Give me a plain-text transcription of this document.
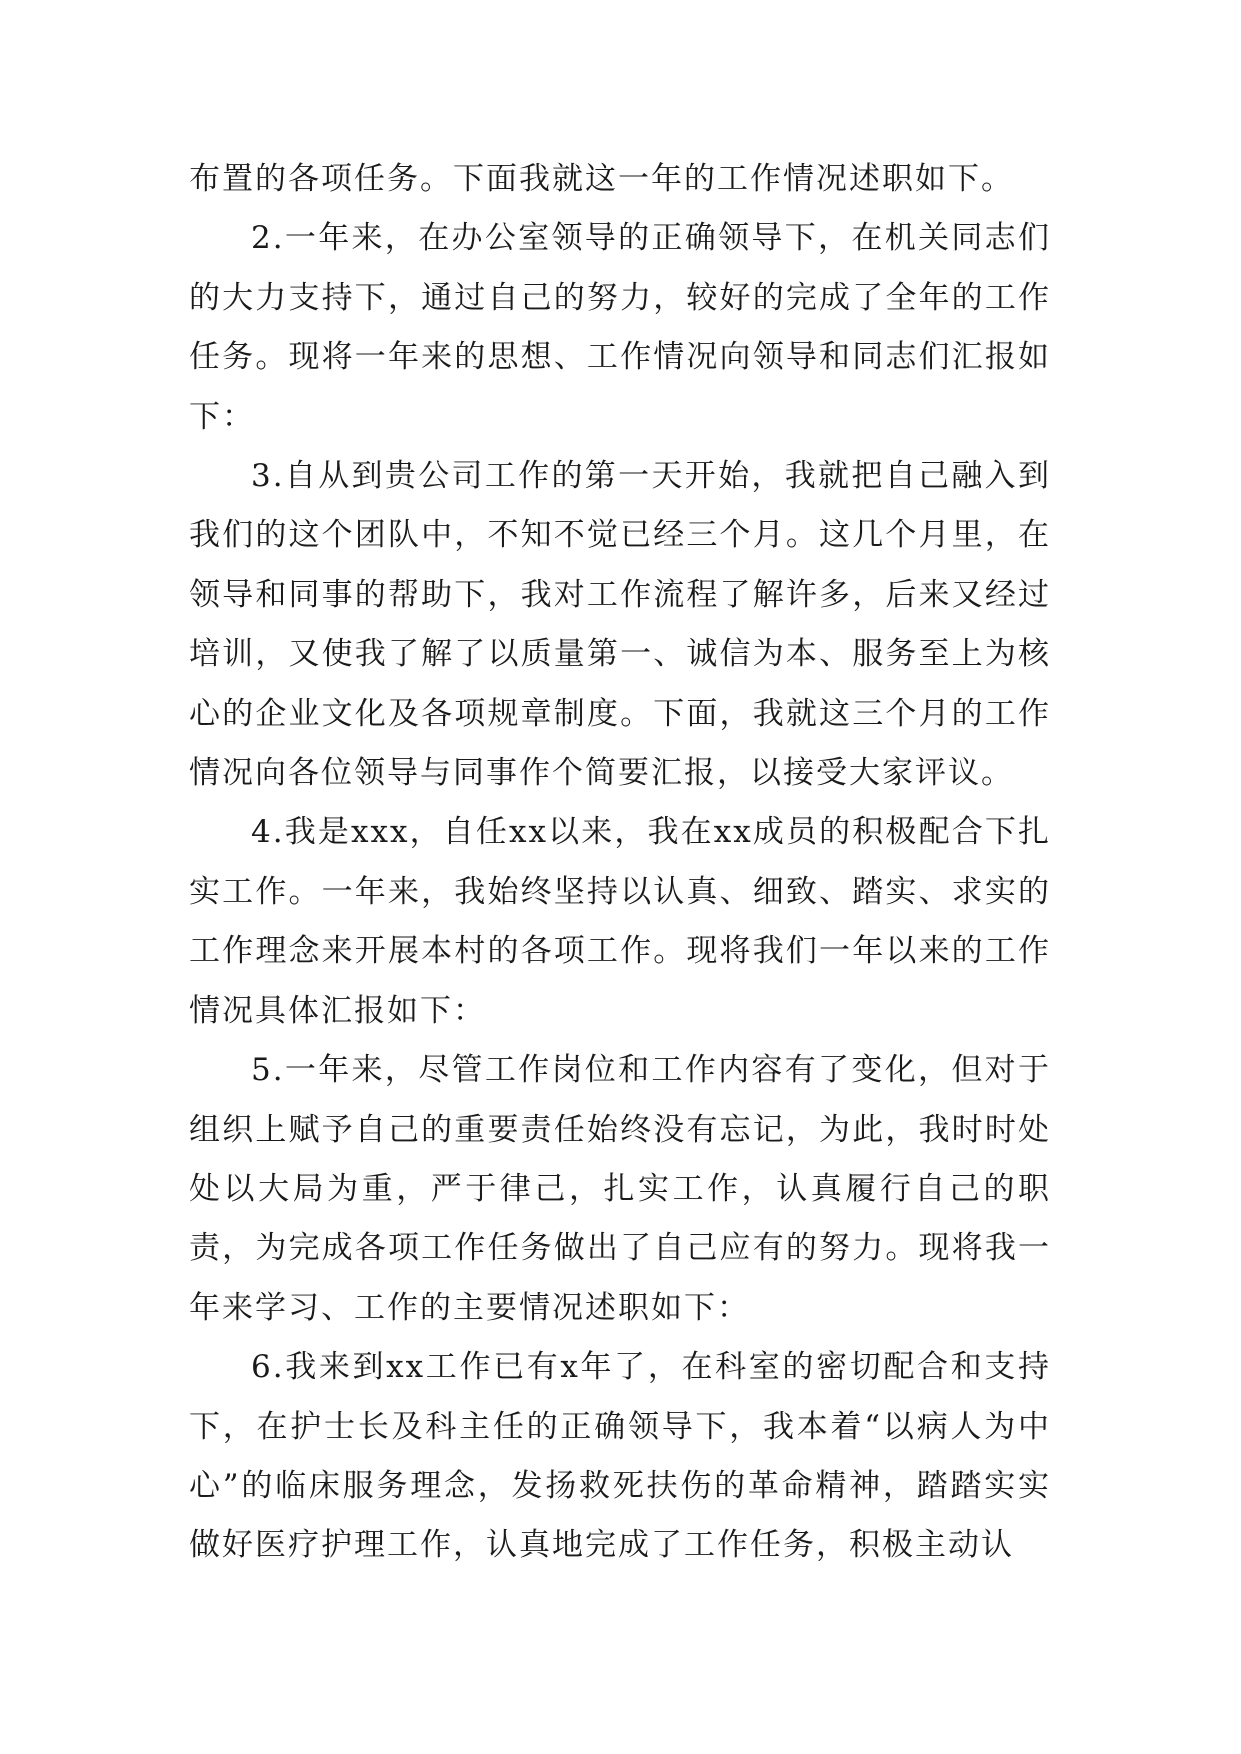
布置的各项任务。下面我就这一年的工作情况述职如下。

2.一年来，在办公室领导的正确领导下，在机关同志们的大力支持下，通过自己的努力，较好的完成了全年的工作任务。现将一年来的思想、工作情况向领导和同志们汇报如下：

3.自从到贵公司工作的第一天开始，我就把自己融入到我们的这个团队中，不知不觉已经三个月。这几个月里，在领导和同事的帮助下，我对工作流程了解许多，后来又经过培训，又使我了解了以质量第一、诚信为本、服务至上为核心的企业文化及各项规章制度。下面，我就这三个月的工作情况向各位领导与同事作个简要汇报，以接受大家评议。

4.我是xxx，自任xx以来，我在xx成员的积极配合下扎实工作。一年来，我始终坚持以认真、细致、踏实、求实的工作理念来开展本村的各项工作。现将我们一年以来的工作情况具体汇报如下：

5.一年来，尽管工作岗位和工作内容有了变化，但对于组织上赋予自己的重要责任始终没有忘记，为此，我时时处处以大局为重，严于律己，扎实工作，认真履行自己的职责，为完成各项工作任务做出了自己应有的努力。现将我一年来学习、工作的主要情况述职如下：

6.我来到xx工作已有x年了，在科室的密切配合和支持下，在护士长及科主任的正确领导下，我本着“以病人为中心”的临床服务理念，发扬救死扶伤的革命精神，踏踏实实做好医疗护理工作，认真地完成了工作任务，积极主动认
